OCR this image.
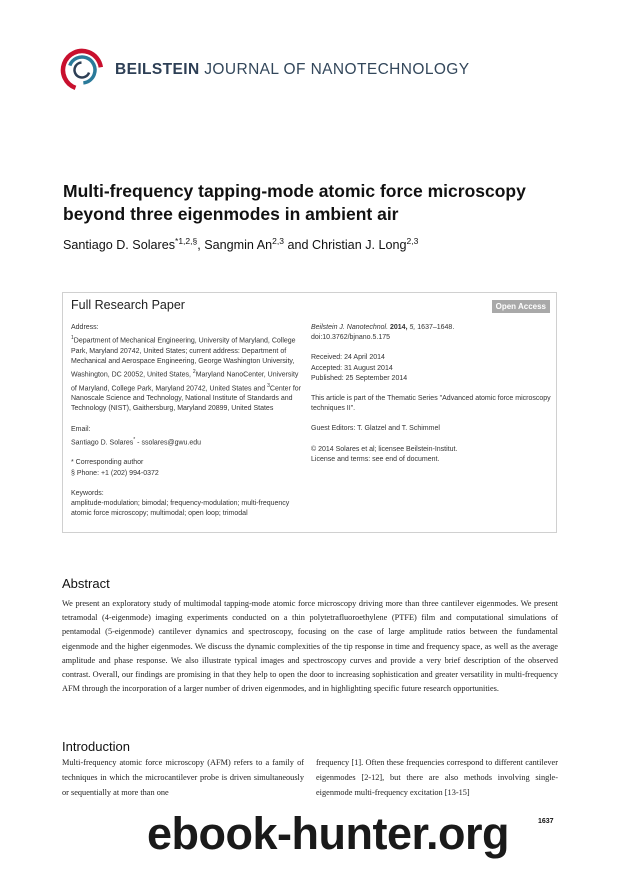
BEILSTEIN JOURNAL OF NANOTECHNOLOGY
Multi-frequency tapping-mode atomic force microscopy beyond three eigenmodes in ambient air
Santiago D. Solares$^{*1,2,\S}$, Sangmin An$^{2,3}$ and Christian J. Long$^{2,3}$
Full Research Paper	Open Access

Address:
$^1$Department of Mechanical Engineering, University of Maryland, College Park, Maryland 20742, United States; current address: Department of Mechanical and Aerospace Engineering, George Washington University, Washington, DC 20052, United States, $^2$Maryland NanoCenter, University of Maryland, College Park, Maryland 20742, United States and $^3$Center for Nanoscale Science and Technology, National Institute of Standards and Technology (NIST), Gaithersburg, Maryland 20899, United States

Email:
Santiago D. Solares* - ssolares@gwu.edu

* Corresponding author
§ Phone: +1 (202) 994-0372

Keywords:
amplitude-modulation; bimodal; frequency-modulation; multi-frequency atomic force microscopy; multimodal; open loop; trimodal

Beilstein J. Nanotechnol. 2014, 5, 1637–1648.
doi:10.3762/bjnano.5.175

Received: 24 April 2014
Accepted: 31 August 2014
Published: 25 September 2014

This article is part of the Thematic Series "Advanced atomic force microscopy techniques II".

Guest Editors: T. Glatzel and T. Schimmel

© 2014 Solares et al; licensee Beilstein-Institut.
License and terms: see end of document.

Abstract

We present an exploratory study of multimodal tapping-mode atomic force microscopy driving more than three cantilever eigenmodes. We present tetramodal (4-eigenmode) imaging experiments conducted on a thin polytetrafluoroethylene (PTFE) film and computational simulations of pentamodal (5-eigenmode) cantilever dynamics and spectroscopy, focusing on the case of large amplitude ratios between the fundamental eigenmode and the higher eigenmodes. We discuss the dynamic complexities of the tip response in time and frequency space, as well as the average amplitude and phase response. We also illustrate typical images and spectroscopy curves and provide a very brief description of the observed contrast. Overall, our findings are promising in that they help to open the door to increasing sophistication and greater versatility in multi-frequency AFM through the incorporation of a larger number of driven eigenmodes, and in highlighting specific future research opportunities.

Introduction

Multi-frequency atomic force microscopy (AFM) refers to a family of techniques in which the microcantilever probe is driven simultaneously or sequentially at more than one

frequency [1]. Often these frequencies correspond to different cantilever eigenmodes [2-12], but there are also methods involving single-eigenmode multi-frequency excitation [13-15]

1637
ebook-hunter.org
